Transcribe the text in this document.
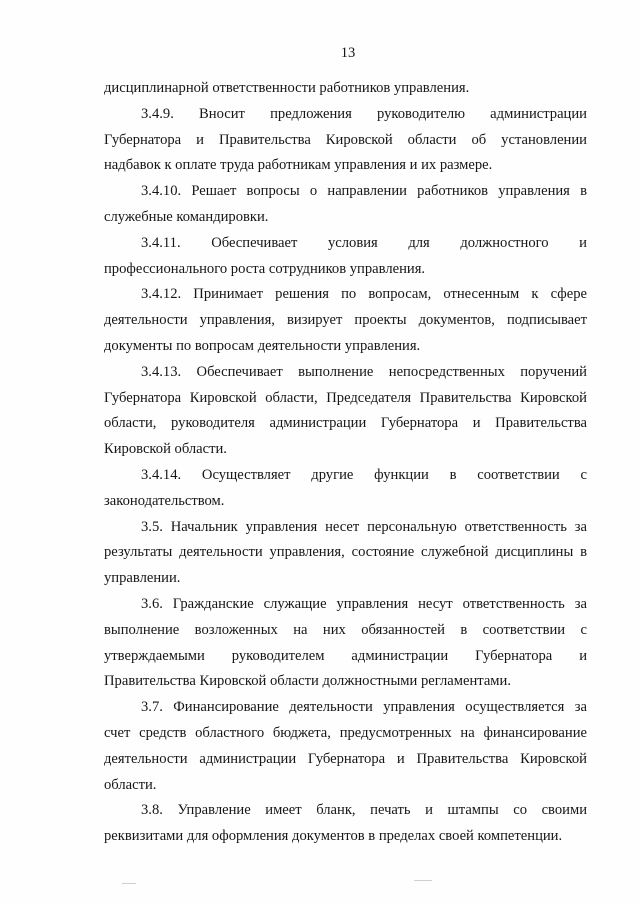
13
дисциплинарной ответственности работников управления.
3.4.9. Вносит предложения руководителю администрации
Губернатора и Правительства Кировской области об установлении
надбавок к оплате труда работникам управления и их размере.
3.4.10. Решает вопросы о направлении работников управления в
служебные командировки.
3.4.11. Обеспечивает условия для должностного и
профессионального роста сотрудников управления.
3.4.12. Принимает решения по вопросам, отнесенным к сфере
деятельности управления, визирует проекты документов, подписывает
документы по вопросам деятельности управления.
3.4.13. Обеспечивает выполнение непосредственных поручений
Губернатора Кировской области, Председателя Правительства Кировской
области, руководителя администрации Губернатора и Правительства
Кировской области.
3.4.14. Осуществляет другие функции в соответствии с
законодательством.
3.5. Начальник управления несет персональную ответственность за
результаты деятельности управления, состояние служебной дисциплины в
управлении.
3.6. Гражданские служащие управления несут ответственность за
выполнение возложенных на них обязанностей в соответствии с
утверждаемыми руководителем администрации Губернатора и
Правительства Кировской области должностными регламентами.
3.7. Финансирование деятельности управления осуществляется за
счет средств областного бюджета, предусмотренных на финансирование
деятельности администрации Губернатора и Правительства Кировской
области.
3.8. Управление имеет бланк, печать и штампы со своими
реквизитами для оформления документов в пределах своей компетенции.
